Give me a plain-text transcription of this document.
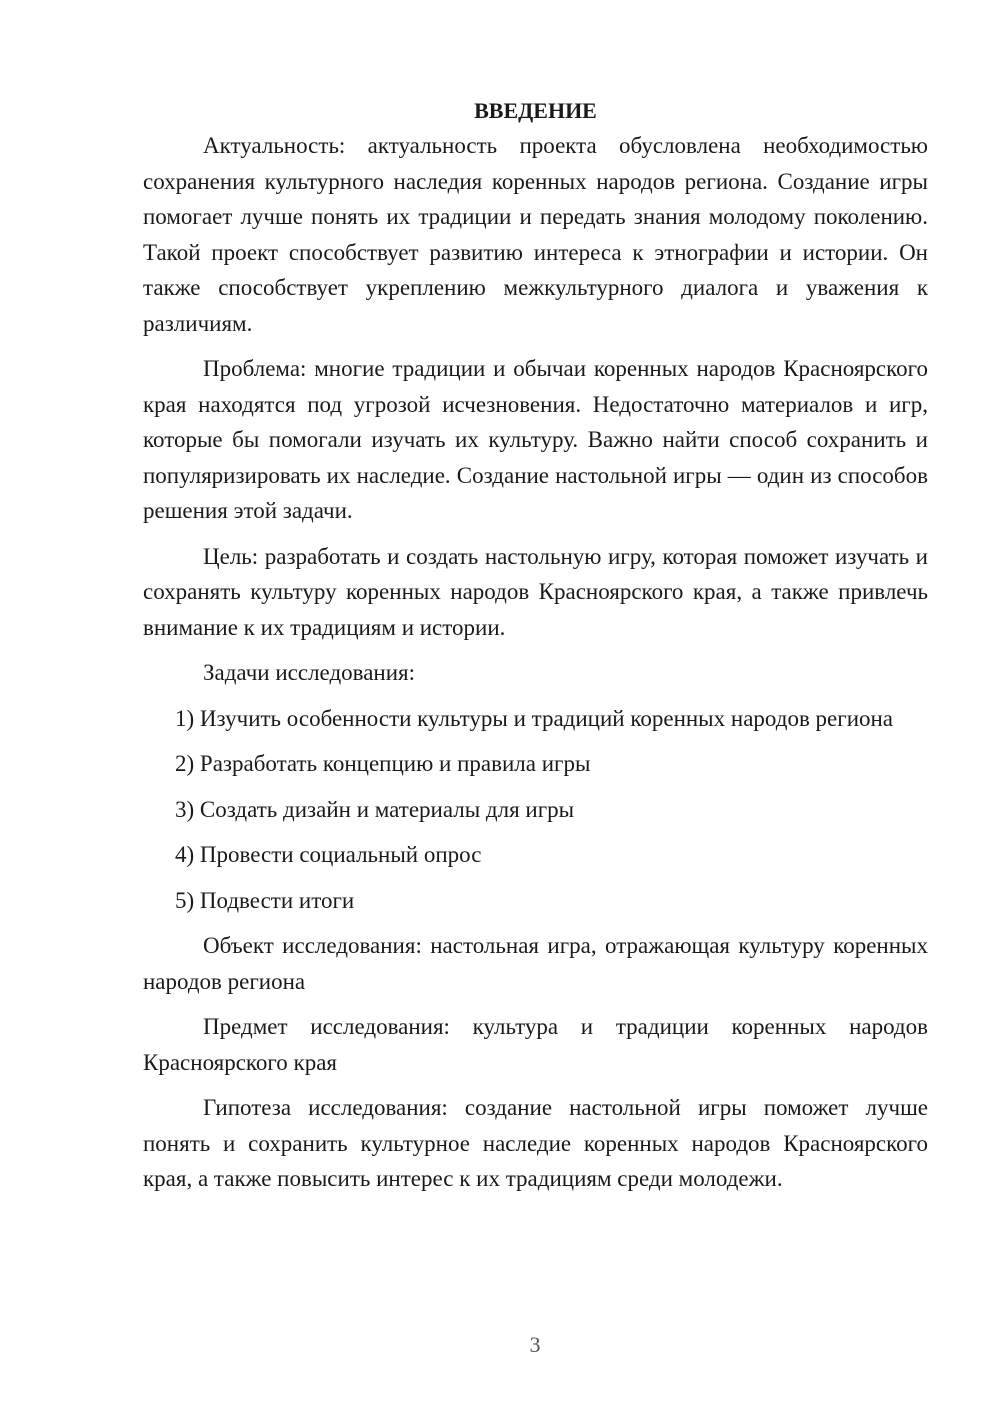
ВВЕДЕНИЕ

Актуальность: актуальность проекта обусловлена необходимостью сохранения культурного наследия коренных народов региона. Создание игры помогает лучше понять их традиции и передать знания молодому поколению. Такой проект способствует развитию интереса к этнографии и истории. Он также способствует укреплению межкультурного диалога и уважения к различиям.

Проблема: многие традиции и обычаи коренных народов Красноярского края находятся под угрозой исчезновения. Недостаточно материалов и игр, которые бы помогали изучать их культуру. Важно найти способ сохранить и популяризировать их наследие. Создание настольной игры — один из способов решения этой задачи.

Цель: разработать и создать настольную игру, которая поможет изучать и сохранять культуру коренных народов Красноярского края, а также привлечь внимание к их традициям и истории.

Задачи исследования:

1) Изучить особенности культуры и традиций коренных народов региона

2) Разработать концепцию и правила игры

3) Создать дизайн и материалы для игры

4) Провести социальный опрос

5) Подвести итоги

Объект исследования: настольная игра, отражающая культуру коренных народов региона

Предмет исследования: культура и традиции коренных народов Красноярского края

Гипотеза исследования: создание настольной игры поможет лучше понять и сохранить культурное наследие коренных народов Красноярского края, а также повысить интерес к их традициям среди молодежи.

3
